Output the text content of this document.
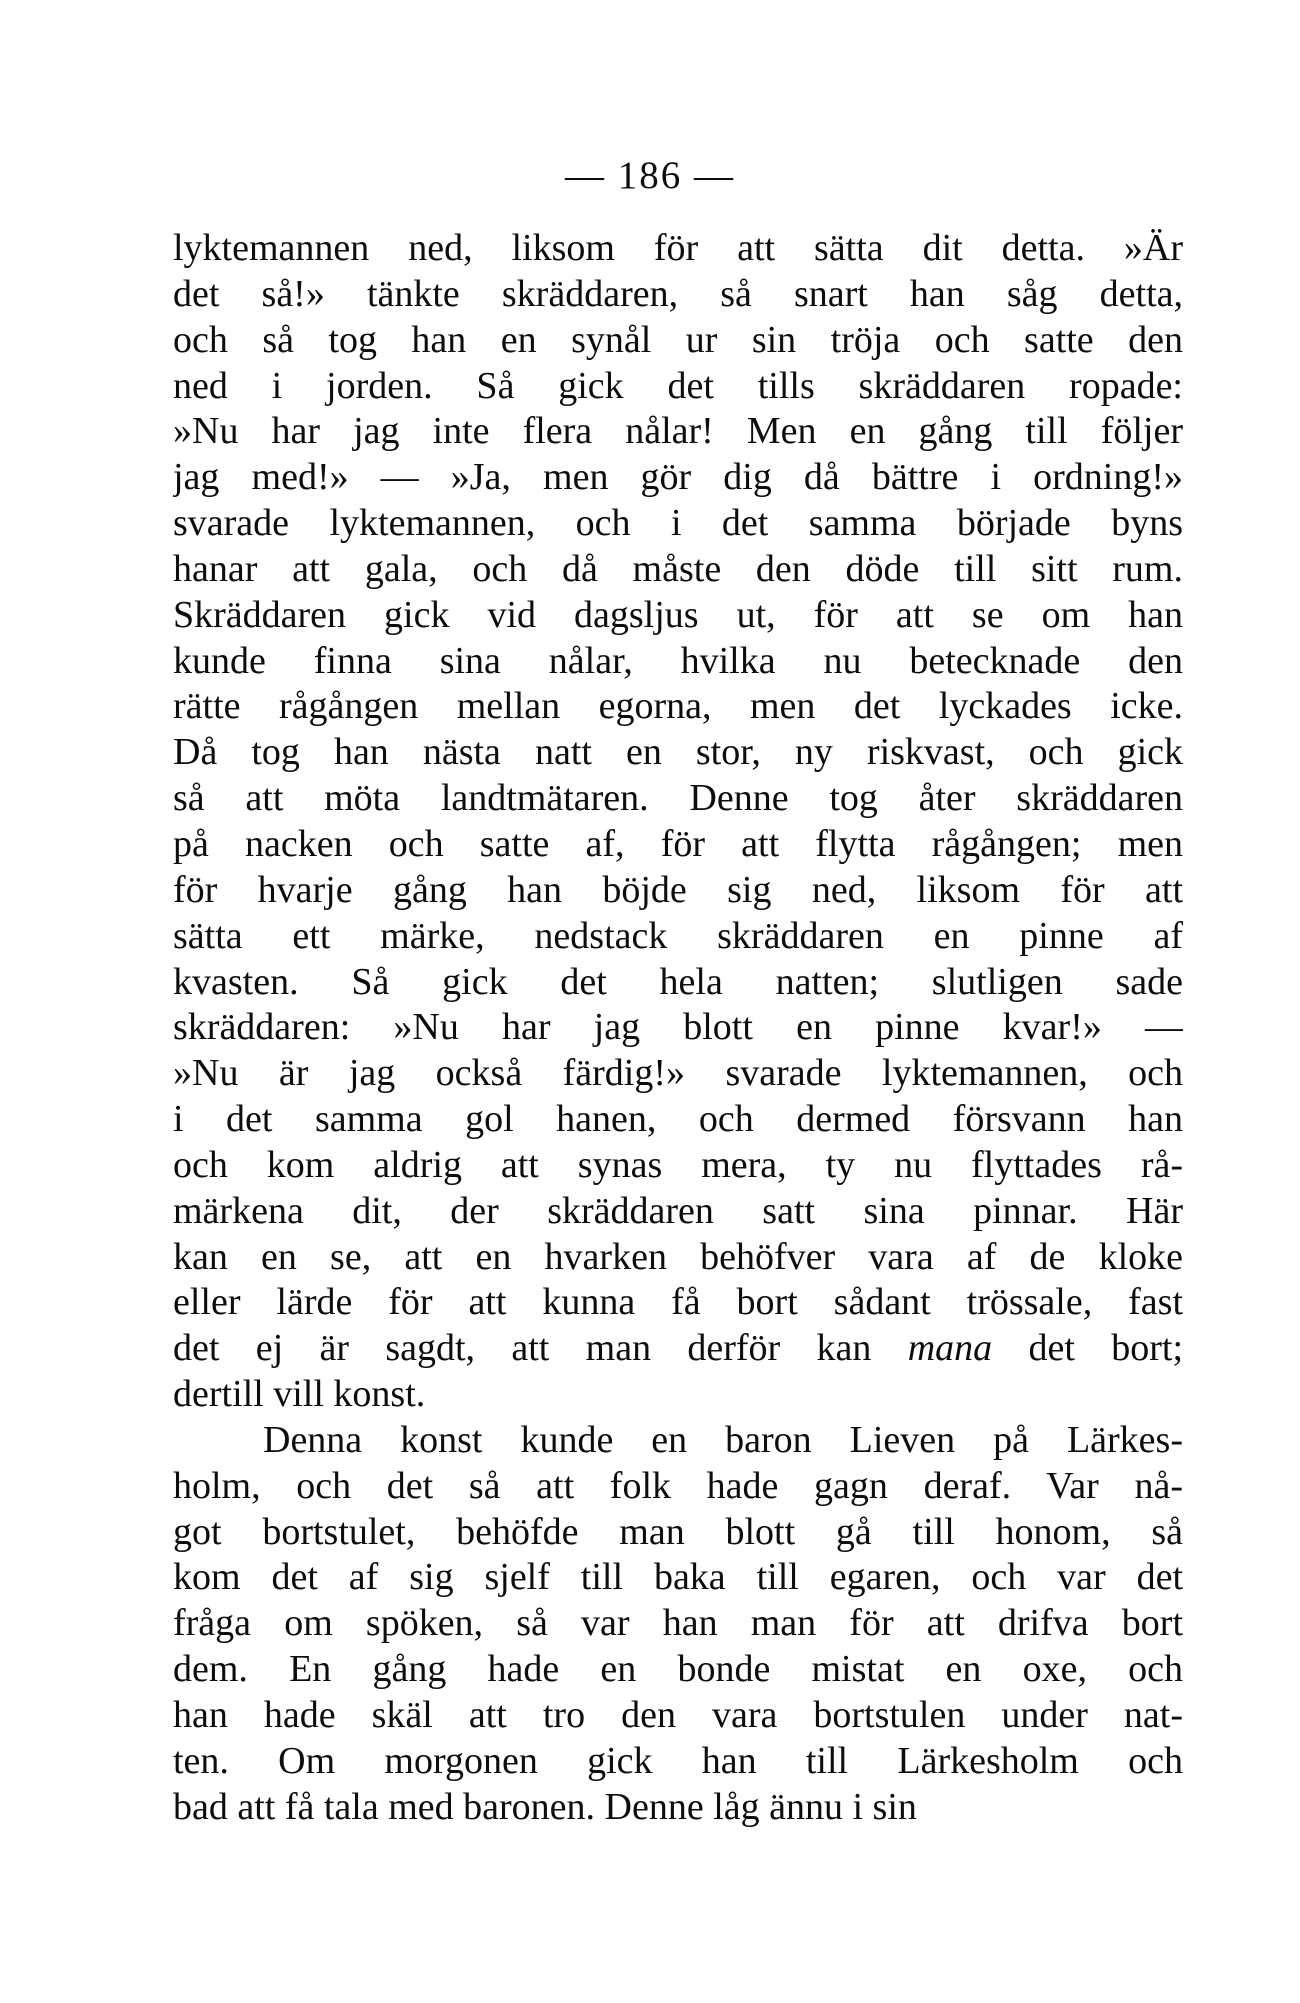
— 186 —
lyktemannen ned, liksom för att sätta dit detta. »Är
det så!» tänkte skräddaren, så snart han såg detta,
och så tog han en synål ur sin tröja och satte den
ned i jorden. Så gick det tills skräddaren ropade:
»Nu har jag inte flera nålar! Men en gång till följer
jag med!» — »Ja, men gör dig då bättre i ordning!»
svarade lyktemannen, och i det samma började byns
hanar att gala, och då måste den döde till sitt rum.
Skräddaren gick vid dagsljus ut, för att se om han
kunde finna sina nålar, hvilka nu betecknade den
rätte rågången mellan egorna, men det lyckades icke.
Då tog han nästa natt en stor, ny riskvast, och gick
så att möta landtmätaren. Denne tog åter skräddaren
på nacken och satte af, för att flytta rågången; men
för hvarje gång han böjde sig ned, liksom för att
sätta ett märke, nedstack skräddaren en pinne af
kvasten. Så gick det hela natten; slutligen sade
skräddaren: »Nu har jag blott en pinne kvar!» —
»Nu är jag också färdig!» svarade lyktemannen, och
i det samma gol hanen, och dermed försvann han
och kom aldrig att synas mera, ty nu flyttades rå-
märkena dit, der skräddaren satt sina pinnar. Här
kan en se, att en hvarken behöfver vara af de kloke
eller lärde för att kunna få bort sådant trössale, fast
det ej är sagdt, att man derför kan mana det bort;
dertill vill konst.
Denna konst kunde en baron Lieven på Lärkes-
holm, och det så att folk hade gagn deraf. Var nå-
got bortstulet, behöfde man blott gå till honom, så
kom det af sig sjelf till baka till egaren, och var det
fråga om spöken, så var han man för att drifva bort
dem. En gång hade en bonde mistat en oxe, och
han hade skäl att tro den vara bortstulen under nat-
ten. Om morgonen gick han till Lärkesholm och
bad att få tala med baronen. Denne låg ännu i sin
